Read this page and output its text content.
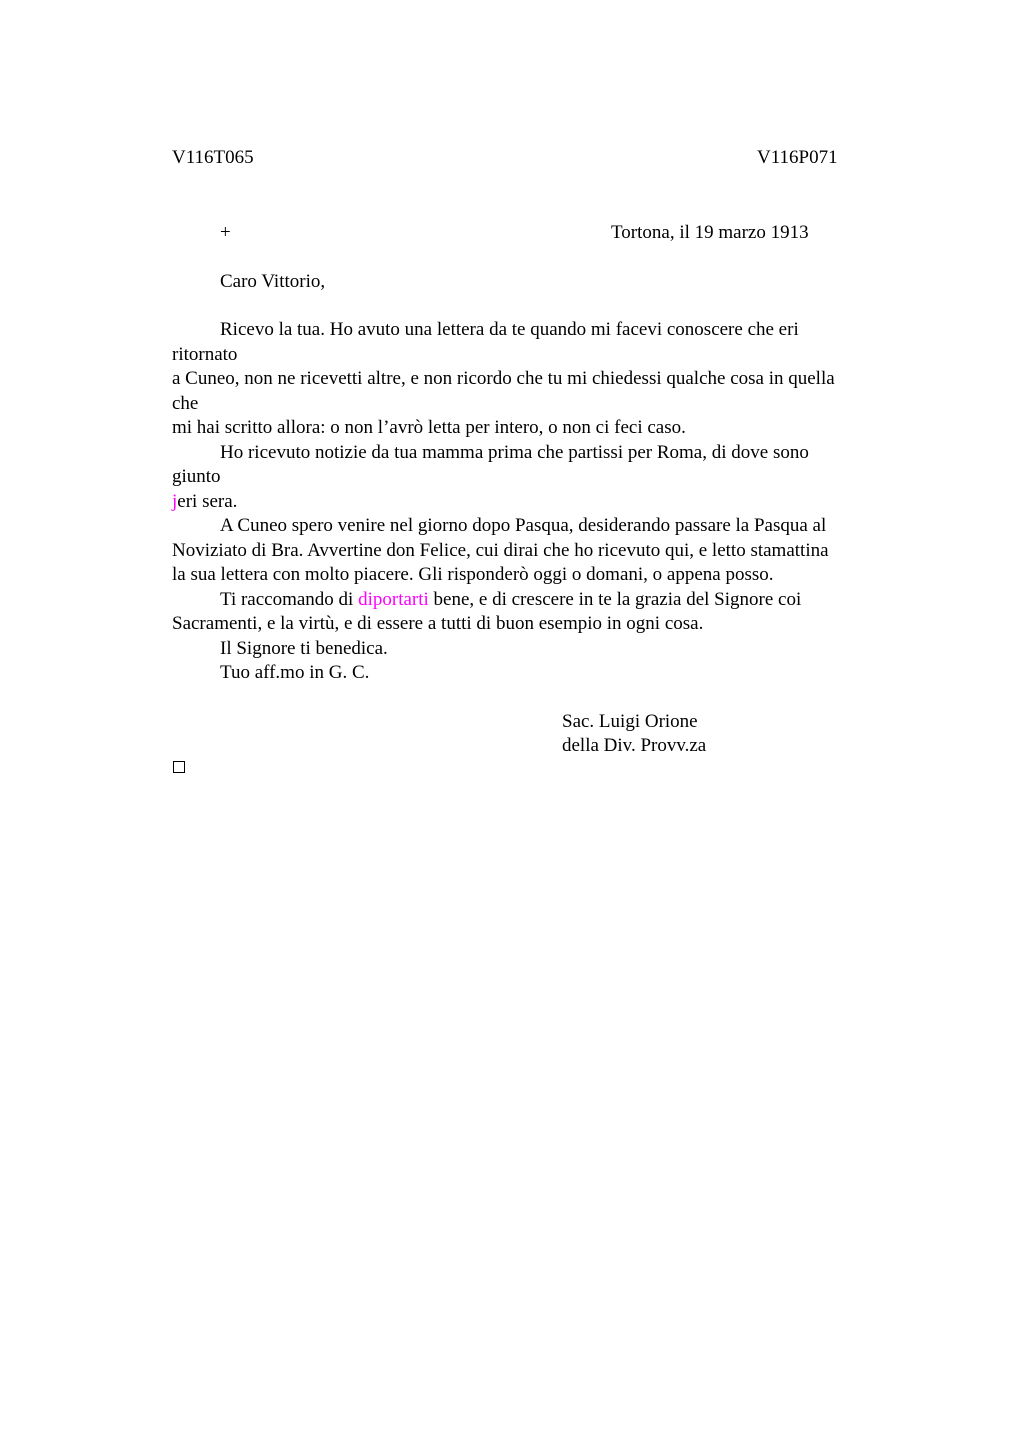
V116T065	V116P071
+	Tortona, il 19 marzo 1913
Caro Vittorio,
Ricevo la tua. Ho avuto una lettera da te quando mi facevi conoscere che eri
ritornato
a Cuneo, non ne ricevetti altre, e non ricordo che tu mi chiedessi qualche cosa in quella
che
mi hai scritto allora: o non l’avrò letta per intero, o non ci feci caso.
Ho ricevuto notizie da tua mamma prima che partissi per Roma, di dove sono
giunto
jeri sera.
A Cuneo spero venire nel giorno dopo Pasqua, desiderando passare la Pasqua al
Noviziato di Bra. Avvertine don Felice, cui dirai che ho ricevuto qui, e letto stamattina
la sua lettera con molto piacere. Gli risponderò oggi o domani, o appena posso.
Ti raccomando di diportarti bene, e di crescere in te la grazia del Signore coi
Sacramenti, e la virtù, e di essere a tutti di buon esempio in ogni cosa.
Il Signore ti benedica.
Tuo aff.mo in G. C.
Sac. Luigi Orione
della Div. Provv.za
